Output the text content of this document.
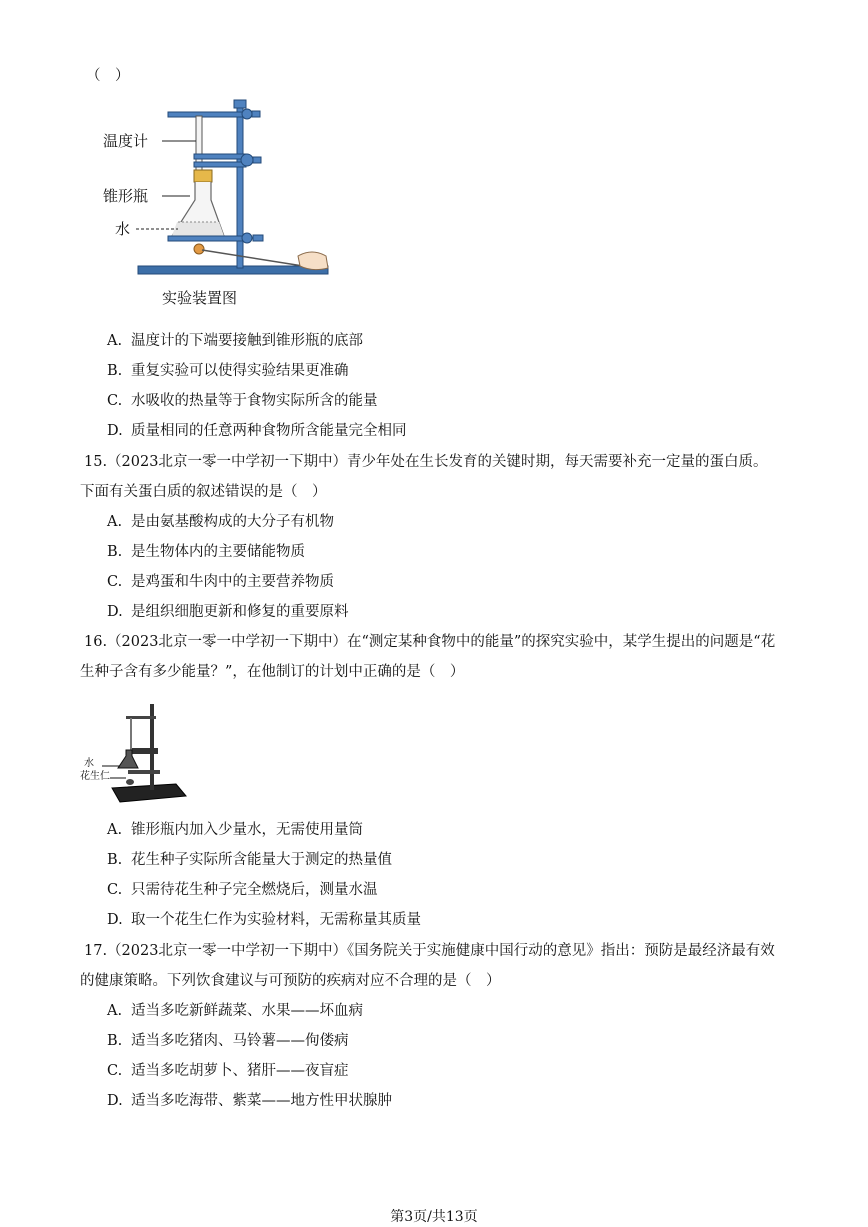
（　）
温度计
锥形瓶
水
实验装置图
A. 温度计的下端要接触到锥形瓶的底部
B. 重复实验可以使得实验结果更准确
C. 水吸收的热量等于食物实际所含的能量
D. 质量相同的任意两种食物所含能量完全相同
15.（2023北京一零一中学初一下期中）青少年处在生长发育的关键时期，每天需要补充一定量的蛋白质。
下面有关蛋白质的叙述错误的是（　）
A. 是由氨基酸构成的大分子有机物
B. 是生物体内的主要储能物质
C. 是鸡蛋和牛肉中的主要营养物质
D. 是组织细胞更新和修复的重要原料
16.（2023北京一零一中学初一下期中）在“测定某种食物中的能量”的探究实验中，某学生提出的问题是“花
生种子含有多少能量？”，在他制订的计划中正确的是（　）
水
花生仁
A. 锥形瓶内加入少量水，无需使用量筒
B. 花生种子实际所含能量大于测定的热量值
C. 只需待花生种子完全燃烧后，测量水温
D. 取一个花生仁作为实验材料，无需称量其质量
17.（2023北京一零一中学初一下期中）《国务院关于实施健康中国行动的意见》指出：预防是最经济最有效
的健康策略。下列饮食建议与可预防的疾病对应不合理的是（　）
A. 适当多吃新鲜蔬菜、水果——坏血病
B. 适当多吃猪肉、马铃薯——佝偻病
C. 适当多吃胡萝卜、猪肝——夜盲症
D. 适当多吃海带、紫菜——地方性甲状腺肿
第3页/共13页
